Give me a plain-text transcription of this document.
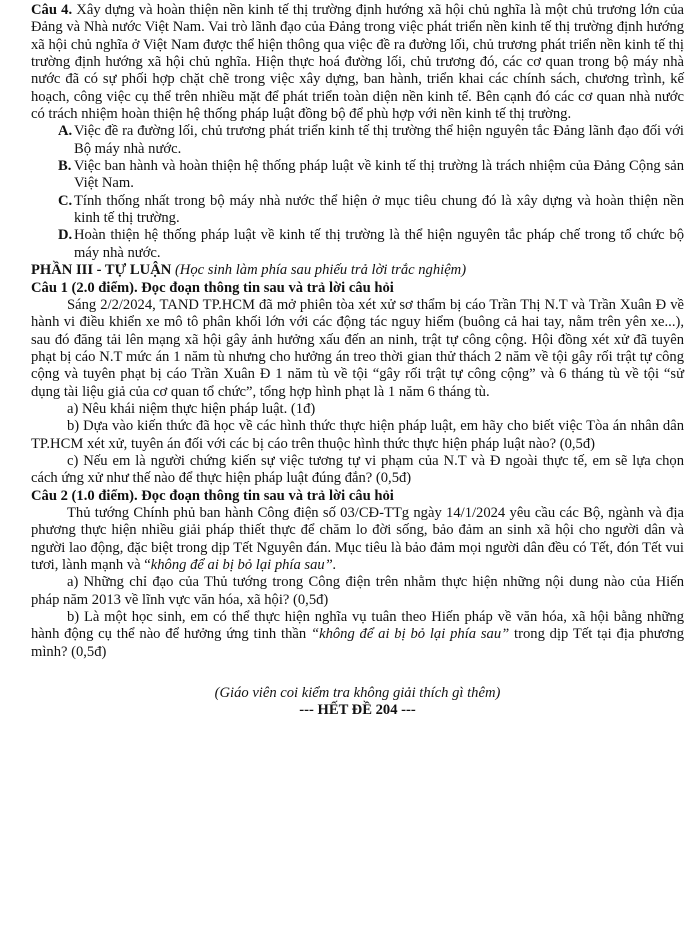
Câu 4. Xây dựng và hoàn thiện nền kinh tế thị trường định hướng xã hội chủ nghĩa là một chủ trương lớn của Đảng và Nhà nước Việt Nam. Vai trò lãnh đạo của Đảng trong việc phát triển nền kinh tế thị trường định hướng xã hội chủ nghĩa ở Việt Nam được thể hiện thông qua việc đề ra đường lối, chủ trương phát triển nền kinh tế thị trường định hướng xã hội chủ nghĩa. Hiện thực hoá đường lối, chủ trương đó, các cơ quan trong bộ máy nhà nước đã có sự phối hợp chặt chẽ trong việc xây dựng, ban hành, triển khai các chính sách, chương trình, kế hoạch, công việc cụ thể trên nhiều mặt để phát triển toàn diện nền kinh tế. Bên cạnh đó các cơ quan nhà nước có trách nhiệm hoàn thiện hệ thống pháp luật đồng bộ để phù hợp với nền kinh tế thị trường.

A. Việc đề ra đường lối, chủ trương phát triển kinh tế thị trường thể hiện nguyên tắc Đảng lãnh đạo đối với Bộ máy nhà nước.
B. Việc ban hành và hoàn thiện hệ thống pháp luật về kinh tế thị trường là trách nhiệm của Đảng Cộng sản Việt Nam.
C. Tính thống nhất trong bộ máy nhà nước thể hiện ở mục tiêu chung đó là xây dựng và hoàn thiện nền kinh tế thị trường.
D. Hoàn thiện hệ thống pháp luật về kinh tế thị trường là thể hiện nguyên tắc pháp chế trong tổ chức bộ máy nhà nước.

PHẦN III - TỰ LUẬN (Học sinh làm phía sau phiếu trả lời trắc nghiệm)

Câu 1 (2.0 điểm). Đọc đoạn thông tin sau và trả lời câu hỏi

Sáng 2/2/2024, TAND TP.HCM đã mở phiên tòa xét xử sơ thẩm bị cáo Trần Thị N.T và Trần Xuân Đ về hành vi điều khiển xe mô tô phân khối lớn với các động tác nguy hiểm (buông cả hai tay, nằm trên yên xe...), sau đó đăng tải lên mạng xã hội gây ảnh hưởng xấu đến an ninh, trật tự công cộng. Hội đồng xét xử đã tuyên phạt bị cáo N.T mức án 1 năm tù nhưng cho hưởng án treo thời gian thử thách 2 năm về tội gây rối trật tự công cộng và tuyên phạt bị cáo Trần Xuân Đ 1 năm tù về tội “gây rối trật tự công cộng” và 6 tháng tù về tội “sử dụng tài liệu giả của cơ quan tổ chức”, tổng hợp hình phạt là 1 năm 6 tháng tù.

a) Nêu khái niệm thực hiện pháp luật. (1đ)

b) Dựa vào kiến thức đã học về các hình thức thực hiện pháp luật, em hãy cho biết việc Tòa án nhân dân TP.HCM xét xử, tuyên án đối với các bị cáo trên thuộc hình thức thực hiện pháp luật nào? (0,5đ)

c) Nếu em là người chứng kiến sự việc tương tự vi phạm của N.T và Đ ngoài thực tế, em sẽ lựa chọn cách ứng xử như thế nào để thực hiện pháp luật đúng đắn? (0,5đ)

Câu 2 (1.0 điểm). Đọc đoạn thông tin sau và trả lời câu hỏi

Thủ tướng Chính phủ ban hành Công điện số 03/CĐ-TTg ngày 14/1/2024 yêu cầu các Bộ, ngành và địa phương thực hiện nhiều giải pháp thiết thực để chăm lo đời sống, bảo đảm an sinh xã hội cho người dân và người lao động, đặc biệt trong dịp Tết Nguyên đán. Mục tiêu là bảo đảm mọi người dân đều có Tết, đón Tết vui tươi, lành mạnh và “không để ai bị bỏ lại phía sau”.

a) Những chỉ đạo của Thủ tướng trong Công điện trên nhằm thực hiện những nội dung nào của Hiến pháp năm 2013 về lĩnh vực văn hóa, xã hội? (0,5đ)

b) Là một học sinh, em có thể thực hiện nghĩa vụ tuân theo Hiến pháp về văn hóa, xã hội bằng những hành động cụ thể nào để hưởng ứng tinh thần “không để ai bị bỏ lại phía sau” trong dịp Tết tại địa phương mình? (0,5đ)

(Giáo viên coi kiểm tra không giải thích gì thêm)

--- HẾT ĐỀ 204 ---
